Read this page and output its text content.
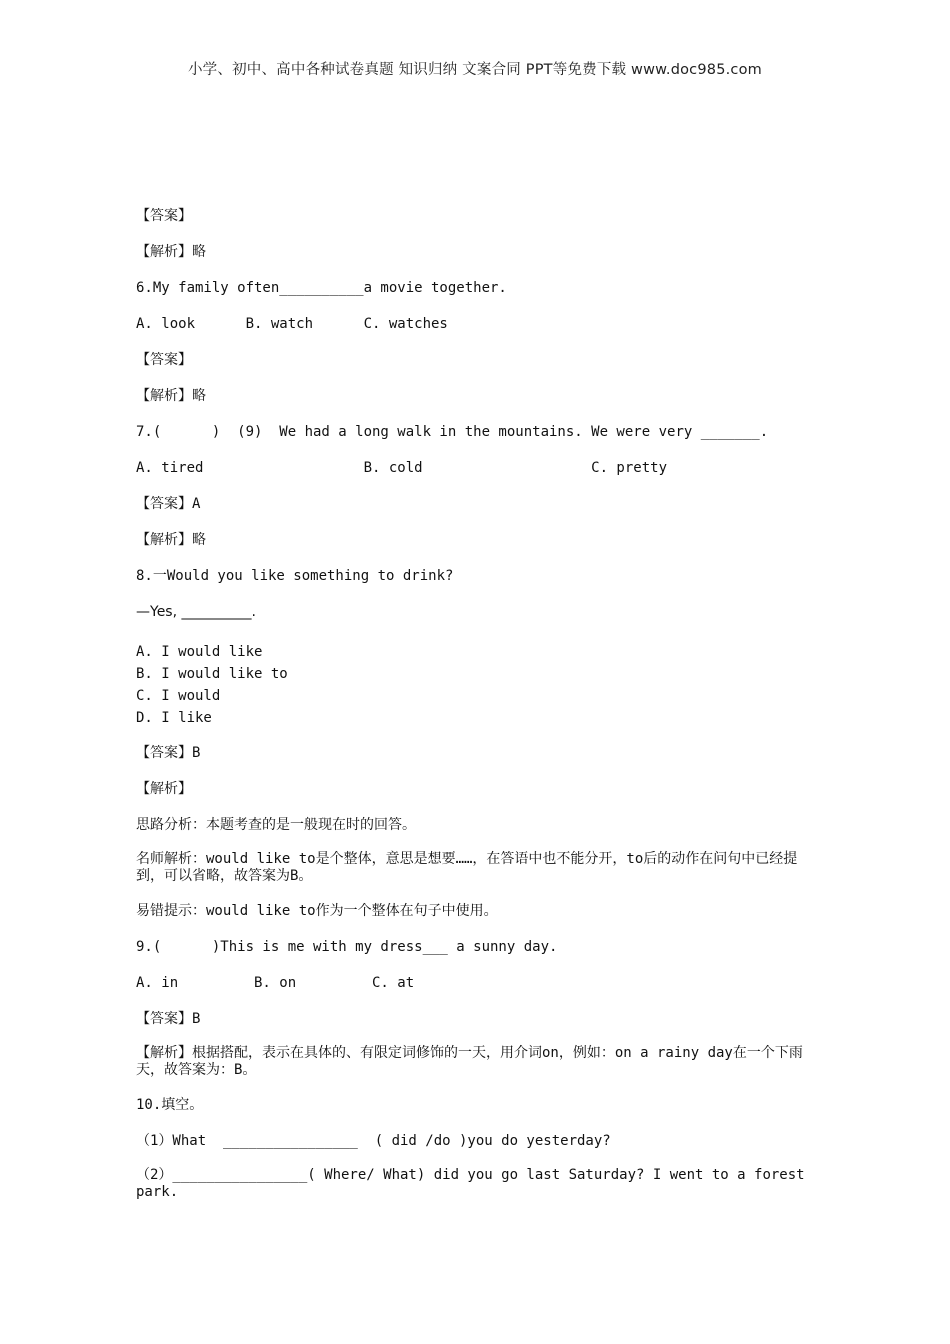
小学、初中、高中各种试卷真题 知识归纳 文案合同 PPT等免费下载 www.doc985.com
【答案】
【解析】略
6.My family often__________a movie together.
A. look      B. watch      C. watches
【答案】
【解析】略
7.(      )  (9)  We had a long walk in the mountains. We were very _______.
A. tired                   B. cold                    C. pretty
【答案】A
【解析】略
8.一Would you like something to drink?
—Yes, __________.
A. I would like
B. I would like to
C. I would
D. I like
【答案】B
【解析】
思路分析：本题考查的是一般现在时的回答。
名师解析：would like to是个整体，意思是想要……，在答语中也不能分开，to后的动作在问句中已经提到，可以省略，故答案为B。
易错提示：would like to作为一个整体在句子中使用。
9.(      )This is me with my dress___ a sunny day.
A. in         B. on         C. at
【答案】B
【解析】根据搭配，表示在具体的、有限定词修饰的一天，用介词on，例如：on a rainy day在一个下雨天，故答案为：B。
10.填空。
（1）What  ________________  ( did /do )you do yesterday?
（2）________________( Where/ What) did you go last Saturday? I went to a forest park.
